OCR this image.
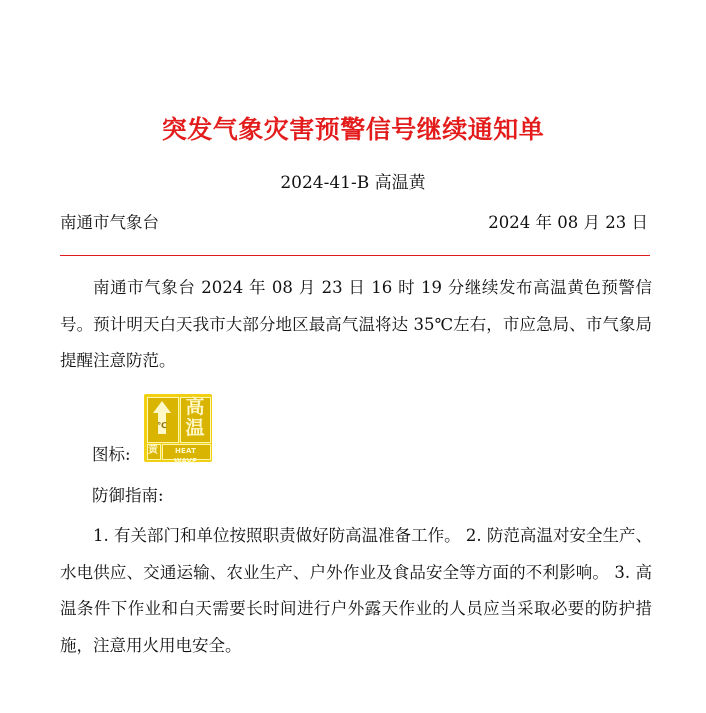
突发气象灾害预警信号继续通知单
2024-41-B 高温黄
南通市气象台	2024 年 08 月 23 日

南通市气象台 2024 年 08 月 23 日 16 时 19 分继续发布高温黄色预警信号。预计明天白天我市大部分地区最高气温将达 35℃左右，市应急局、市气象局提醒注意防范。

图标:
℃
高
温
黄	HEAT WAVE
防御指南:

1. 有关部门和单位按照职责做好防高温准备工作。 2. 防范高温对安全生产、水电供应、交通运输、农业生产、户外作业及食品安全等方面的不利影响。 3. 高温条件下作业和白天需要长时间进行户外露天作业的人员应当采取必要的防护措施，注意用火用电安全。
